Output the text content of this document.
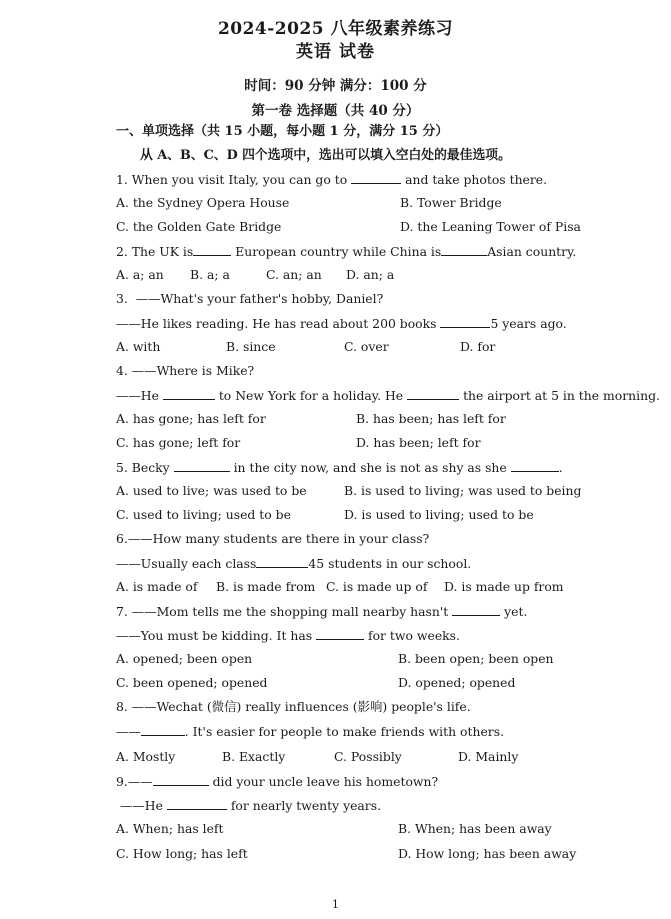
2024-2025 八年级素养练习
英语 试卷
时间：90 分钟 满分：100 分
第一卷 选择题（共 40 分）
一、单项选择（共 15 小题，每小题 1 分，满分 15 分）
从 A、B、C、D 四个选项中，选出可以填入空白处的最佳选项。
1. When you visit Italy, you can go to	and take photos there.
A. the Sydney Opera House	B. Tower Bridge
C. the Golden Gate Bridge	D. the Leaning Tower of Pisa
2. The UK is	European country while China is	Asian country.
A. a; an B. a; a	C. an; an D. an; a
3. ——What's your father's hobby, Daniel?
——He likes reading. He has read about 200 books	5 years ago.
A. with	B. since	C. over	D. for
4. ——Where is Mike?
——He	to New York for a holiday. He	the airport at 5 in the morning.
A. has gone; has left for	B. has been; has left for
C. has gone; left for	D. has been; left for
5. Becky	in the city now, and she is not as shy as she	.
A. used to live; was used to be	B. is used to living; was used to being
C. used to living; used to be	D. is used to living; used to be
6.——How many students are there in your class?
——Usually each class	45 students in our school.
A. is made of B. is made from C. is made up of D. is made up from
7. ——Mom tells me the shopping mall nearby hasn't	yet.
——You must be kidding. It has	for two weeks.
A. opened; been open	B. been open; been open
C. been opened; opened	D. opened; opened
8. ——Wechat (微信) really influences (影响) people's life.
——	. It's easier for people to make friends with others.
A. Mostly	B. Exactly	C. Possibly	D. Mainly
9.——	did your uncle leave his hometown?
——He	for nearly twenty years.
A. When; has left	B. When; has been away
C. How long; has left	D. How long; has been away
1
